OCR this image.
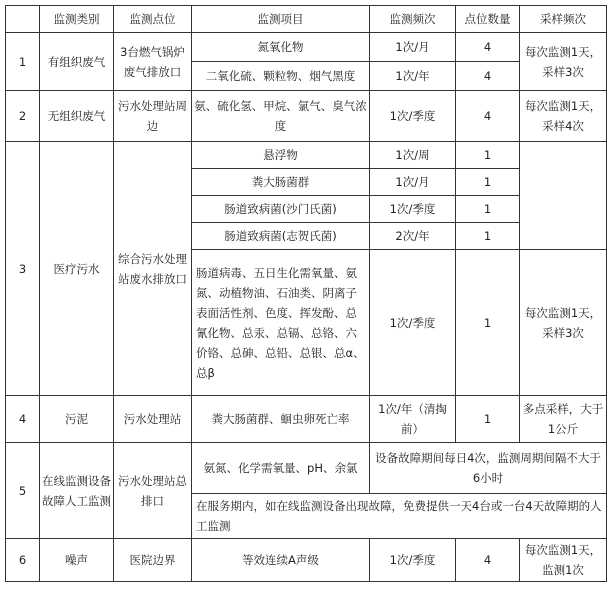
	监测类别	监测点位	监测项目	监测频次	点位数量	采样频次
1	有组织废气	3台燃气锅炉废气排放口	氮氧化物	1次/月	4	每次监测1天，采样3次
			二氧化硫、颗粒物、烟气黑度	1次/年	4	
2	无组织废气	污水处理站周边	氨、硫化氢、甲烷、氯气、臭气浓度	1次/季度	4	每次监测1天，采样4次
3	医疗污水	综合污水处理站废水排放口	悬浮物	1次/周	1	
			粪大肠菌群	1次/月	1	
			肠道致病菌(沙门氏菌)	1次/季度	1	
			肠道致病菌(志贺氏菌)	2次/年	1	
			肠道病毒、五日生化需氧量、氨氮、动植物油、石油类、阴离子表面活性剂、色度、挥发酚、总氰化物、总汞、总镉、总铬、六价铬、总砷、总铅、总银、总α、总β	1次/季度	1	每次监测1天，采样3次
4	污泥	污水处理站	粪大肠菌群、蛔虫卵死亡率	1次/年（清掏前）	1	多点采样，大于1公斤
5	在线监测设备故障人工监测	污水处理站总排口	氨氮、化学需氧量、pH、余氯	设备故障期间每日4次，监测周期间隔不大于6小时		
			在服务期内，如在线监测设备出现故障，免费提供一天4台或一台4天故障期的人工监测			
6	噪声	医院边界	等效连续A声级	1次/季度	4	每次监测1天，监测1次
